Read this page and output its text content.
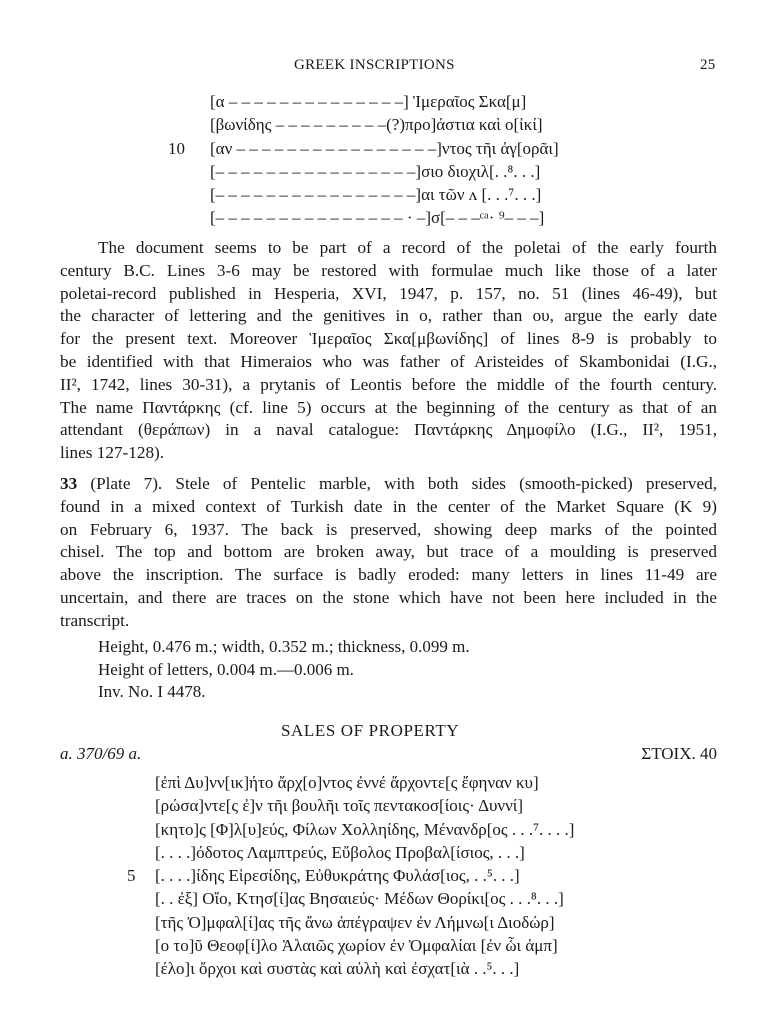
GREEK INSCRIPTIONS	25
[α – – – – – – – – – – – – – –] Ἱμεραῖος Σκα[μ]
[βωνίδης – – – – – – – – –(?)προ]άστια καὶ ο[ἰκί]
10 [αν – – – – – – – – – – – – – – – –]ντος τῆι ἀγ[ορᾶι]
[– – – – – – – – – – – – – – – –]σιο διοχιλ[. .⁸. . .]
[– – – – – – – – – – – – – – – –]αι τῶν ʌ [. . .⁷. . .]
[– – – – – – – – – – – – – – – · –]σ[– – –ᶜᵃ· ⁹– – –]
The document seems to be part of a record of the poletai of the early fourth
century B.C. Lines 3-6 may be restored with formulae much like those of a later
poletai-record published in Hesperia, XVI, 1947, p. 157, no. 51 (lines 46-49), but
the character of lettering and the genitives in ο, rather than ου, argue the early date
for the present text. Moreover Ἱμεραῖος Σκα[μβωνίδης] of lines 8-9 is probably to
be identified with that Himeraios who was father of Aristeides of Skambonidai (I.G.,
II², 1742, lines 30-31), a prytanis of Leontis before the middle of the fourth century.
The name Παντάρκης (cf. line 5) occurs at the beginning of the century as that of an
attendant (θεράπων) in a naval catalogue: Παντάρκης Δημοφίλο (I.G., II², 1951,
lines 127-128).
33 (Plate 7). Stele of Pentelic marble, with both sides (smooth-picked) preserved,
found in a mixed context of Turkish date in the center of the Market Square (K 9)
on February 6, 1937. The back is preserved, showing deep marks of the pointed
chisel. The top and bottom are broken away, but trace of a moulding is preserved
above the inscription. The surface is badly eroded: many letters in lines 11-49 are
uncertain, and there are traces on the stone which have not been here included in the
transcript.
Height, 0.476 m.; width, 0.352 m.; thickness, 0.099 m.
Height of letters, 0.004 m.—0.006 m.
Inv. No. I 4478.
SALES OF PROPERTY
a. 370/69 a.	ΣΤΟΙΧ. 40
[ἐπὶ Δυ]νν[ικ]ήτο ἄρχ[ο]ντος ἐννέ ἄρχοντε[ς ἔφηναν κυ]
[ρώσα]ντε[ς ἐ]ν τῆι βουλῆι τοῖς πεντακοσ[ίοις· Δυννί]
[κητο]ς [Φ]λ[υ]εύς, Φίλων Χολληίδης, Μένανδρ[ος . . .⁷. . . .]
[. . . .]όδοτος Λαμπτρεύς, Εὔβολος Προβαλ[ίσιος, . . .]
5 [. . . .]ίδης Εἰρεσίδης, Εὐθυκράτης Φυλάσ[ιος, . .⁵. . .]
[. . ἐξ] Οἴο, Κτησ[ί]ας Βησαιεύς· Μέδων Θορίκι[ος . . .⁸. . .]
[τῆς Ὀ]μφαλ[ί]ας τῆς ἄνω ἀπέγραψεν ἐν Λήμνω[ι Διοδώρ]
[ο το]ῦ Θεοφ[ί]λο Ἁλαιῶς χωρίον ἐν Ὀμφαλίαι [ἐν ὧι ἀμπ]
[έλο]ι ὄρχοι καὶ συστὰς καὶ αὐλὴ καὶ ἐσχατ[ιὰ . .⁵. . .]
